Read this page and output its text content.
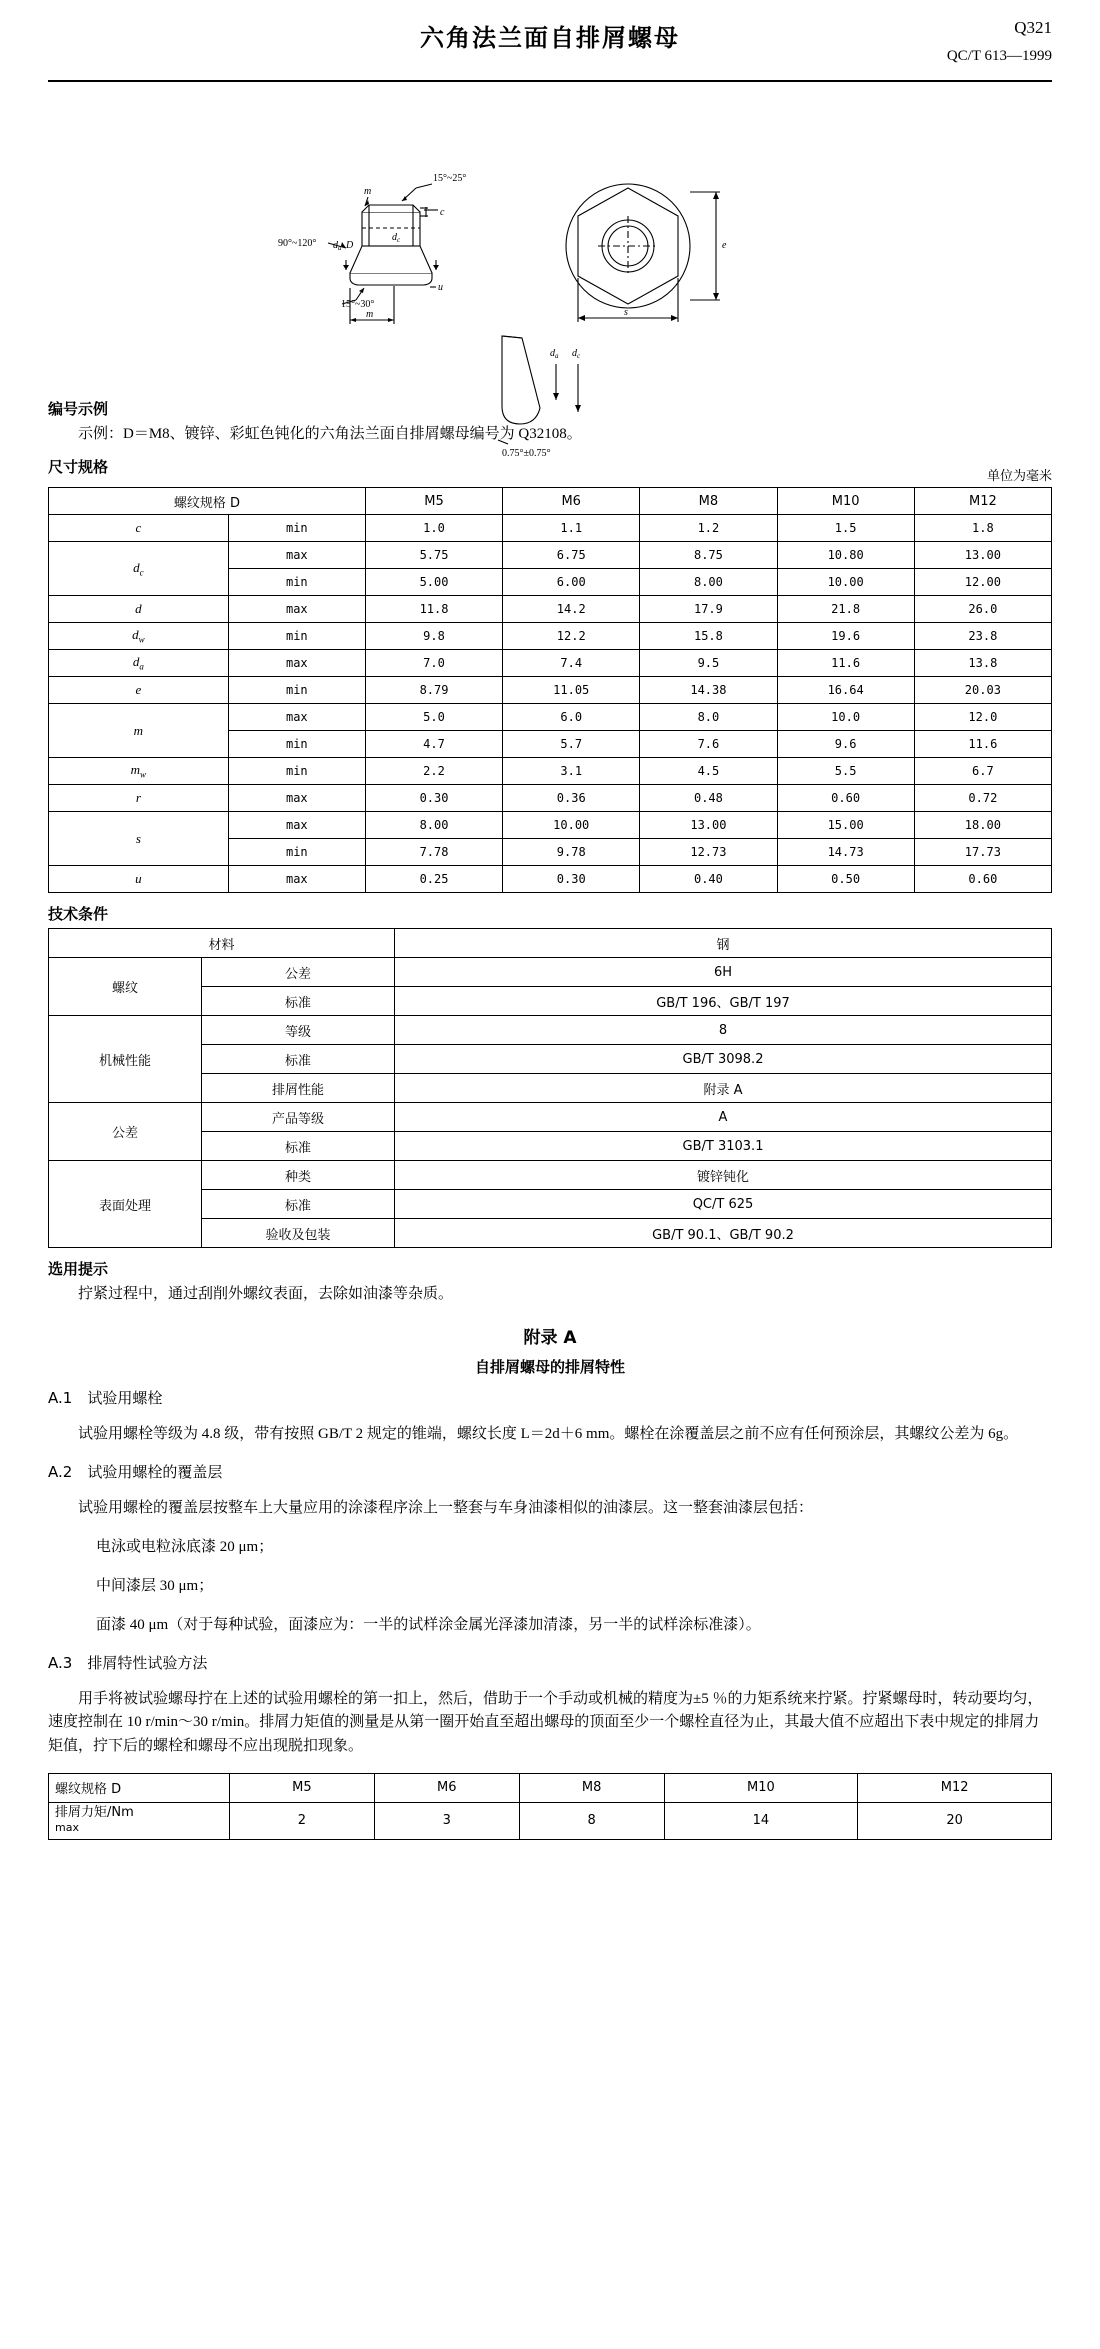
六角法兰面自排屑螺母	Q321
QC/T 613—1999
15°~25°
m
c
90°~120° $d_a$ D
$d_c$
15°~30°
u
m
e
s
$d_a$ $d_c$
0.75°±0.75°
编号示例

示例：D＝M8、镀锌、彩虹色钝化的六角法兰面自排屑螺母编号为 Q32108。

尺寸规格	单位为毫米
螺纹规格 D		M5	M6	M8	M10	M12
c	min	1.0	1.1	1.2	1.5	1.8
$d_c$	max	5.75	6.75	8.75	10.80	13.00
	min	5.00	6.00	8.00	10.00	12.00
d	max	11.8	14.2	17.9	21.8	26.0
$d_w$	min	9.8	12.2	15.8	19.6	23.8
$d_a$	max	7.0	7.4	9.5	11.6	13.8
e	min	8.79	11.05	14.38	16.64	20.03
m	max	5.0	6.0	8.0	10.0	12.0
	min	4.7	5.7	7.6	9.6	11.6
$m_w$	min	2.2	3.1	4.5	5.5	6.7
r	max	0.30	0.36	0.48	0.60	0.72
s	max	8.00	10.00	13.00	15.00	18.00
	min	7.78	9.78	12.73	14.73	17.73
u	max	0.25	0.30	0.40	0.50	0.60
技术条件
材料		钢
螺纹	公差	6H
	标准	GB/T 196、GB/T 197
机械性能	等级	8
	标准	GB/T 3098.2
	排屑性能	附录 A
公差	产品等级	A
	标准	GB/T 3103.1
表面处理	种类	镀锌钝化
	标准	QC/T 625
	验收及包装	GB/T 90.1、GB/T 90.2
选用提示

拧紧过程中，通过刮削外螺纹表面，去除如油漆等杂质。

附录 A
自排屑螺母的排屑特性
A.1 试验用螺栓

试验用螺栓等级为 4.8 级，带有按照 GB/T 2 规定的锥端，螺纹长度 L＝2d＋6 mm。螺栓在涂覆盖层之前不应有任何预涂层，其螺纹公差为 6g。

A.2 试验用螺栓的覆盖层

试验用螺栓的覆盖层按整车上大量应用的涂漆程序涂上一整套与车身油漆相似的油漆层。这一整套油漆层包括：

电泳或电粒泳底漆 20 μm；

中间漆层 30 μm；

面漆 40 μm（对于每种试验，面漆应为：一半的试样涂金属光泽漆加清漆，另一半的试样涂标准漆）。

A.3 排屑特性试验方法

用手将被试验螺母拧在上述的试验用螺栓的第一扣上，然后，借助于一个手动或机械的精度为±5 ％的力矩系统来拧紧。拧紧螺母时，转动要均匀，速度控制在 10 r/min～30 r/min。排屑力矩值的测量是从第一圈开始直至超出螺母的顶面至少一个螺栓直径为止，其最大值不应超出下表中规定的排屑力矩值，拧下后的螺栓和螺母不应出现脱扣现象。

螺纹规格 D	M5	M6	M8	M10	M12
排屑力矩/Nm
max	2	3	8	14	20
